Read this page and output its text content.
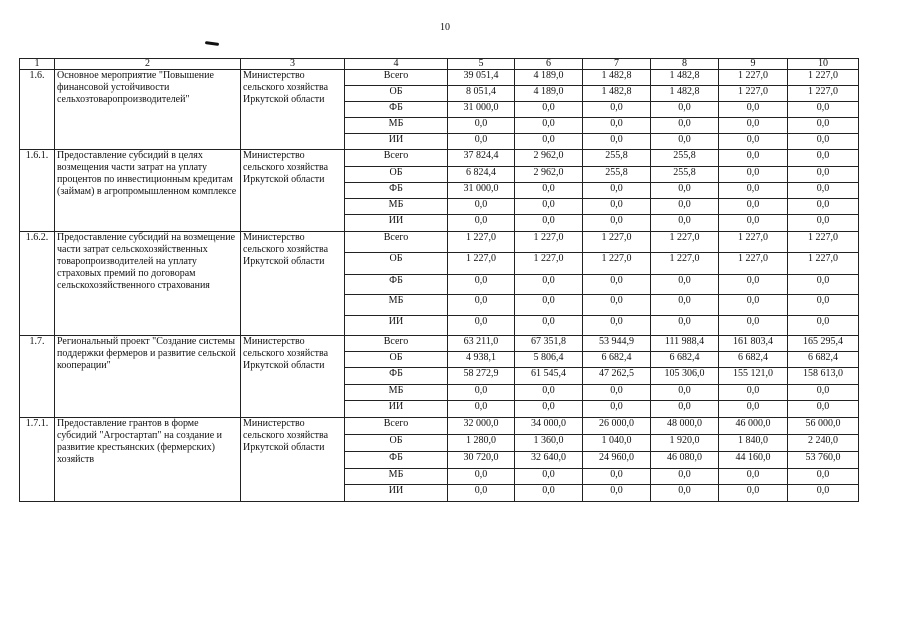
10
1	2	3	4	5	6	7	8	9	10
1.6.	Основное мероприятие "Повышение финансовой устойчивости сельхозтоваропроизводителей"	Министерство сельского хозяйства Иркутской области	Всего	39 051,4	4 189,0	1 482,8	1 482,8	1 227,0	1 227,0
			ОБ	8 051,4	4 189,0	1 482,8	1 482,8	1 227,0	1 227,0
			ФБ	31 000,0	0,0	0,0	0,0	0,0	0,0
			МБ	0,0	0,0	0,0	0,0	0,0	0,0
			ИИ	0,0	0,0	0,0	0,0	0,0	0,0
1.6.1.	Предоставление субсидий в целях возмещения части затрат на уплату процентов по инвестиционным кредитам (займам) в агропромышленном комплексе	Министерство сельского хозяйства Иркутской области	Всего	37 824,4	2 962,0	255,8	255,8	0,0	0,0
			ОБ	6 824,4	2 962,0	255,8	255,8	0,0	0,0
			ФБ	31 000,0	0,0	0,0	0,0	0,0	0,0
			МБ	0,0	0,0	0,0	0,0	0,0	0,0
			ИИ	0,0	0,0	0,0	0,0	0,0	0,0
1.6.2.	Предоставление субсидий на возмещение части затрат сельскохозяйственных товаропроизводителей на уплату страховых премий по договорам сельскохозяйственного страхования	Министерство сельского хозяйства Иркутской области	Всего	1 227,0	1 227,0	1 227,0	1 227,0	1 227,0	1 227,0
			ОБ	1 227,0	1 227,0	1 227,0	1 227,0	1 227,0	1 227,0
			ФБ	0,0	0,0	0,0	0,0	0,0	0,0
			МБ	0,0	0,0	0,0	0,0	0,0	0,0
			ИИ	0,0	0,0	0,0	0,0	0,0	0,0
1.7.	Региональный проект "Создание системы поддержки фермеров и развитие сельской кооперации"	Министерство сельского хозяйства Иркутской области	Всего	63 211,0	67 351,8	53 944,9	111 988,4	161 803,4	165 295,4
			ОБ	4 938,1	5 806,4	6 682,4	6 682,4	6 682,4	6 682,4
			ФБ	58 272,9	61 545,4	47 262,5	105 306,0	155 121,0	158 613,0
			МБ	0,0	0,0	0,0	0,0	0,0	0,0
			ИИ	0,0	0,0	0,0	0,0	0,0	0,0
1.7.1.	Предоставление грантов в форме субсидий "Агростартап" на создание и развитие крестьянских (фермерских) хозяйств	Министерство сельского хозяйства Иркутской области	Всего	32 000,0	34 000,0	26 000,0	48 000,0	46 000,0	56 000,0
			ОБ	1 280,0	1 360,0	1 040,0	1 920,0	1 840,0	2 240,0
			ФБ	30 720,0	32 640,0	24 960,0	46 080,0	44 160,0	53 760,0
			МБ	0,0	0,0	0,0	0,0	0,0	0,0
			ИИ	0,0	0,0	0,0	0,0	0,0	0,0
